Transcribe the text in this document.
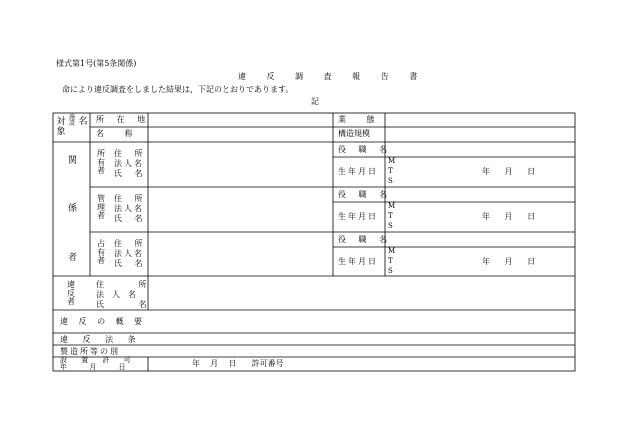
様式第1号(第5条関係)
違 反 調 査 報 告 書
命により違反調査をしました結果は，下記のとおりであります。
記
対象
施設 名 所 在 地
名 称
業 態
構造規模
関
係
者
所有者
住 所
法人名
氏 名
役 職 名
生年月日
M
T
S
年 月 日
管理者
住 所
法人名
氏 名
役 職 名
生年月日
M
T
S
年 月 日
占有者
住 所
法人名
氏 名
役 職 名
生年月日
M
T
S
年 月 日
違反者
住 所
法人名
氏 名
違 反 の 概 要
違 反 法 条
製造所等の別
設 置 許 可
年 月 日	年    月    日      許可番号
